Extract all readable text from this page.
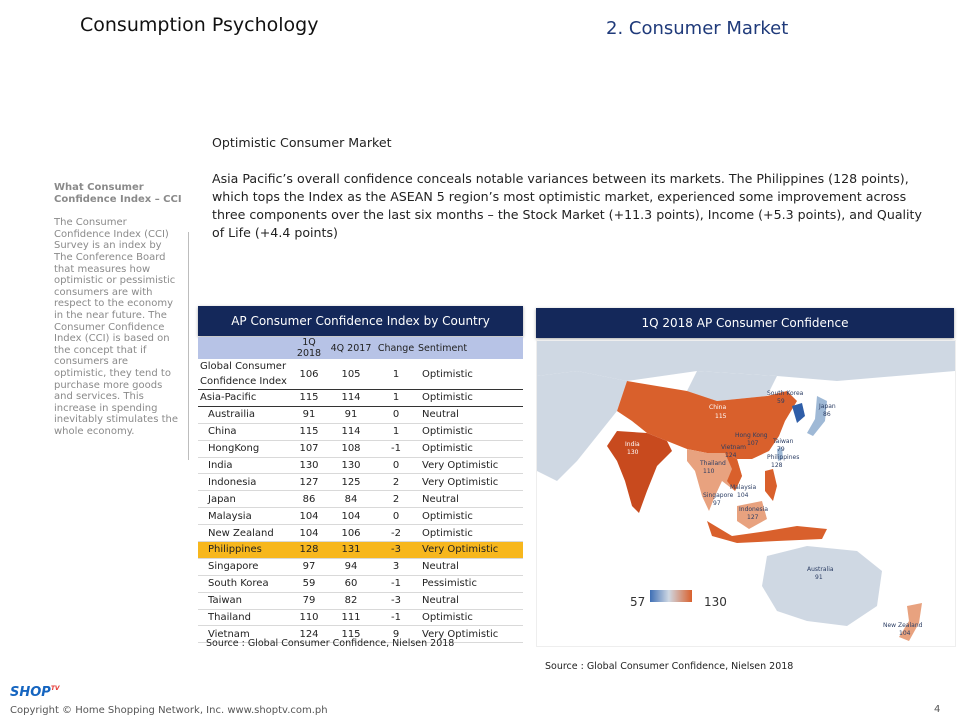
Consumption Psychology	2. Consumer Market
Optimistic Consumer Market
Asia Pacific’s overall confidence conceals notable variances between its markets. The Philippines (128 points), which tops the Index as the ASEAN 5 region’s most optimistic market, experienced some improvement across three components over the last six months – the Stock Market (+11.3 points), Income (+5.3 points), and Quality of Life (+4.4 points)
What Consumer Confidence Index – CCI
The Consumer Confidence Index (CCI) Survey is an index by The Conference Board that measures how optimistic or pessimistic consumers are with respect to the economy in the near future. The Consumer Confidence Index (CCI) is based on the concept that if consumers are optimistic, they tend to purchase more goods and services. This increase in spending inevitably stimulates the whole economy.
AP Consumer Confidence Index by Country
	1Q 2018	4Q 2017	Change	Sentiment
Global Consumer Confidence Index	106	105	1	Optimistic
Asia-Pacific	115	114	1	Optimistic
Austrailia	91	91	0	Neutral
China	115	114	1	Optimistic
HongKong	107	108	-1	Optimistic
India	130	130	0	Very Optimistic
Indonesia	127	125	2	Very Optimistic
Japan	86	84	2	Neutral
Malaysia	104	104	0	Optimistic
New Zealand	104	106	-2	Optimistic
Philippines	128	131	-3	Very Optimistic
Singapore	97	94	3	Neutral
South Korea	59	60	-1	Pessimistic
Taiwan	79	82	-3	Neutral
Thailand	110	111	-1	Optimistic
Vietnam	124	115	9	Very Optimistic
Source : Global Consumer Confidence, Nielsen 2018
1Q 2018 AP Consumer Confidence
China
115
South Korea
59
Japan
86
India
130
Hong Kong
107 Taiwan
79
Vietnam
124	Philippines
128
Thailand
110
Malaysia
104
Singapore
97
Indonesia
127
Australia
91
New Zealand
104
57	130
Source : Global Consumer Confidence, Nielsen 2018
$SHOP^{TV}$
Copyright © Home Shopping Network, Inc. www.shoptv.com.ph	4
